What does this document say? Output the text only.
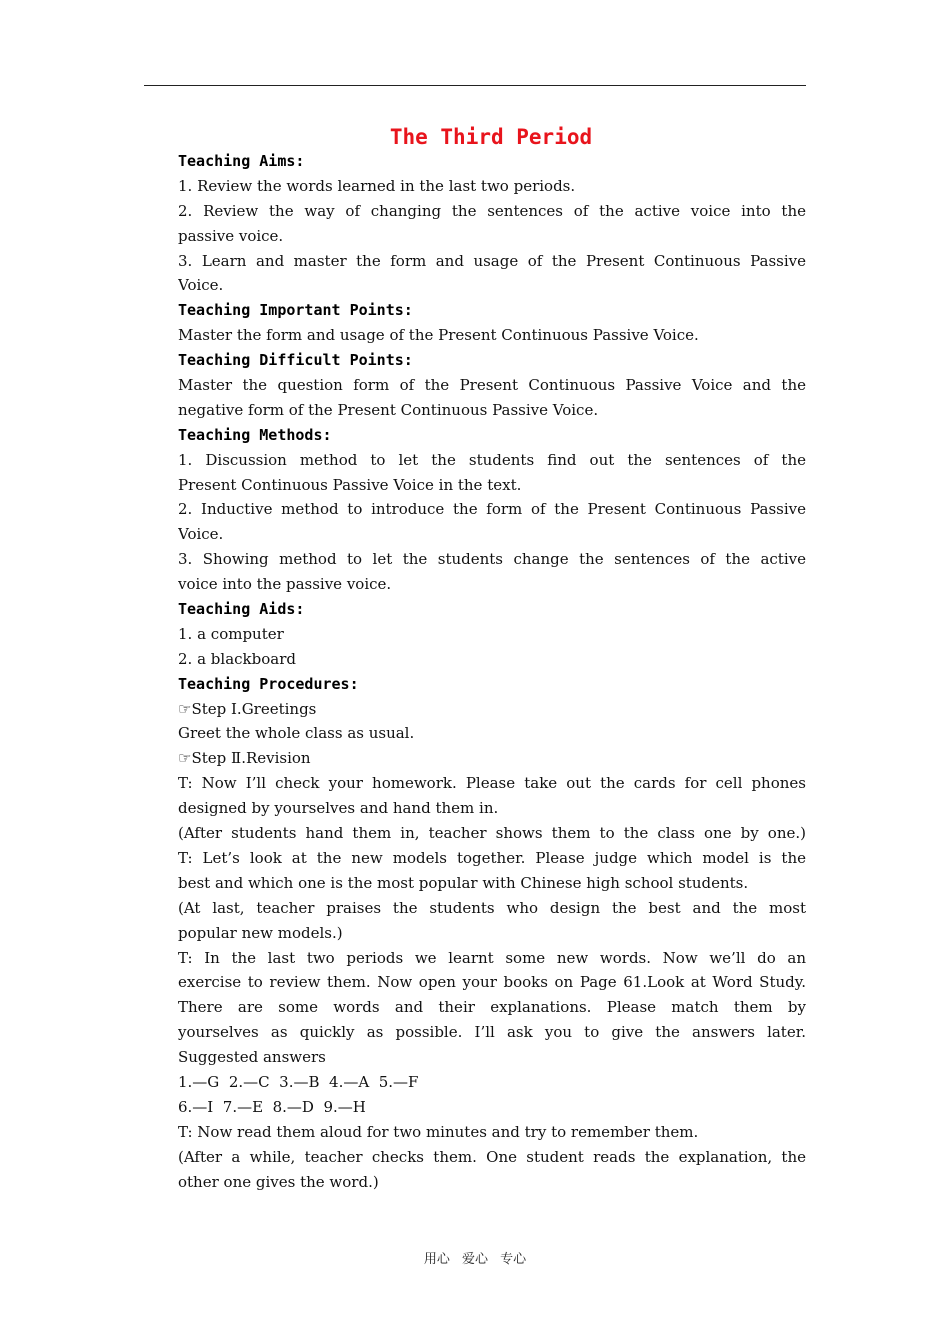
The Third Period
Teaching Aims:
1. Review the words learned in the last two periods.
2. Review the way of changing the sentences of the active voice into the
passive voice.
3. Learn and master the form and usage of the Present Continuous Passive
Voice.
Teaching Important Points:
Master the form and usage of the Present Continuous Passive Voice.
Teaching Difficult Points:
Master the question form of the Present Continuous Passive Voice and the
negative form of the Present Continuous Passive Voice.
Teaching Methods:
1. Discussion method to let the students find out the sentences of the
Present Continuous Passive Voice in the text.
2. Inductive method to introduce the form of the Present Continuous Passive
Voice.
3. Showing method to let the students change the sentences of the active
voice into the passive voice.
Teaching Aids:
1. a computer
2. a blackboard
Teaching Procedures:
☞Step Ⅰ.Greetings
Greet the whole class as usual.
☞Step Ⅱ.Revision
T: Now I’ll check your homework. Please take out the cards for cell phones
designed by yourselves and hand them in.
(After students hand them in, teacher shows them to the class one by one.)
T: Let’s look at the new models together. Please judge which model is the
best and which one is the most popular with Chinese high school students.
(At last, teacher praises the students who design the best and the most
popular new models.)
T: In the last two periods we learnt some new words. Now we’ll do an
exercise to review them. Now open your books on Page 61.Look at Word Study.
There are some words and their explanations. Please match them by
yourselves as quickly as possible. I’ll ask you to give the answers later.
Suggested answers
1.—G  2.—C  3.—B  4.—A  5.—F
6.—I  7.—E  8.—D  9.—H
T: Now read them aloud for two minutes and try to remember them.
(After a while, teacher checks them. One student reads the explanation, the
other one gives the word.)
用心 爱心 专心
